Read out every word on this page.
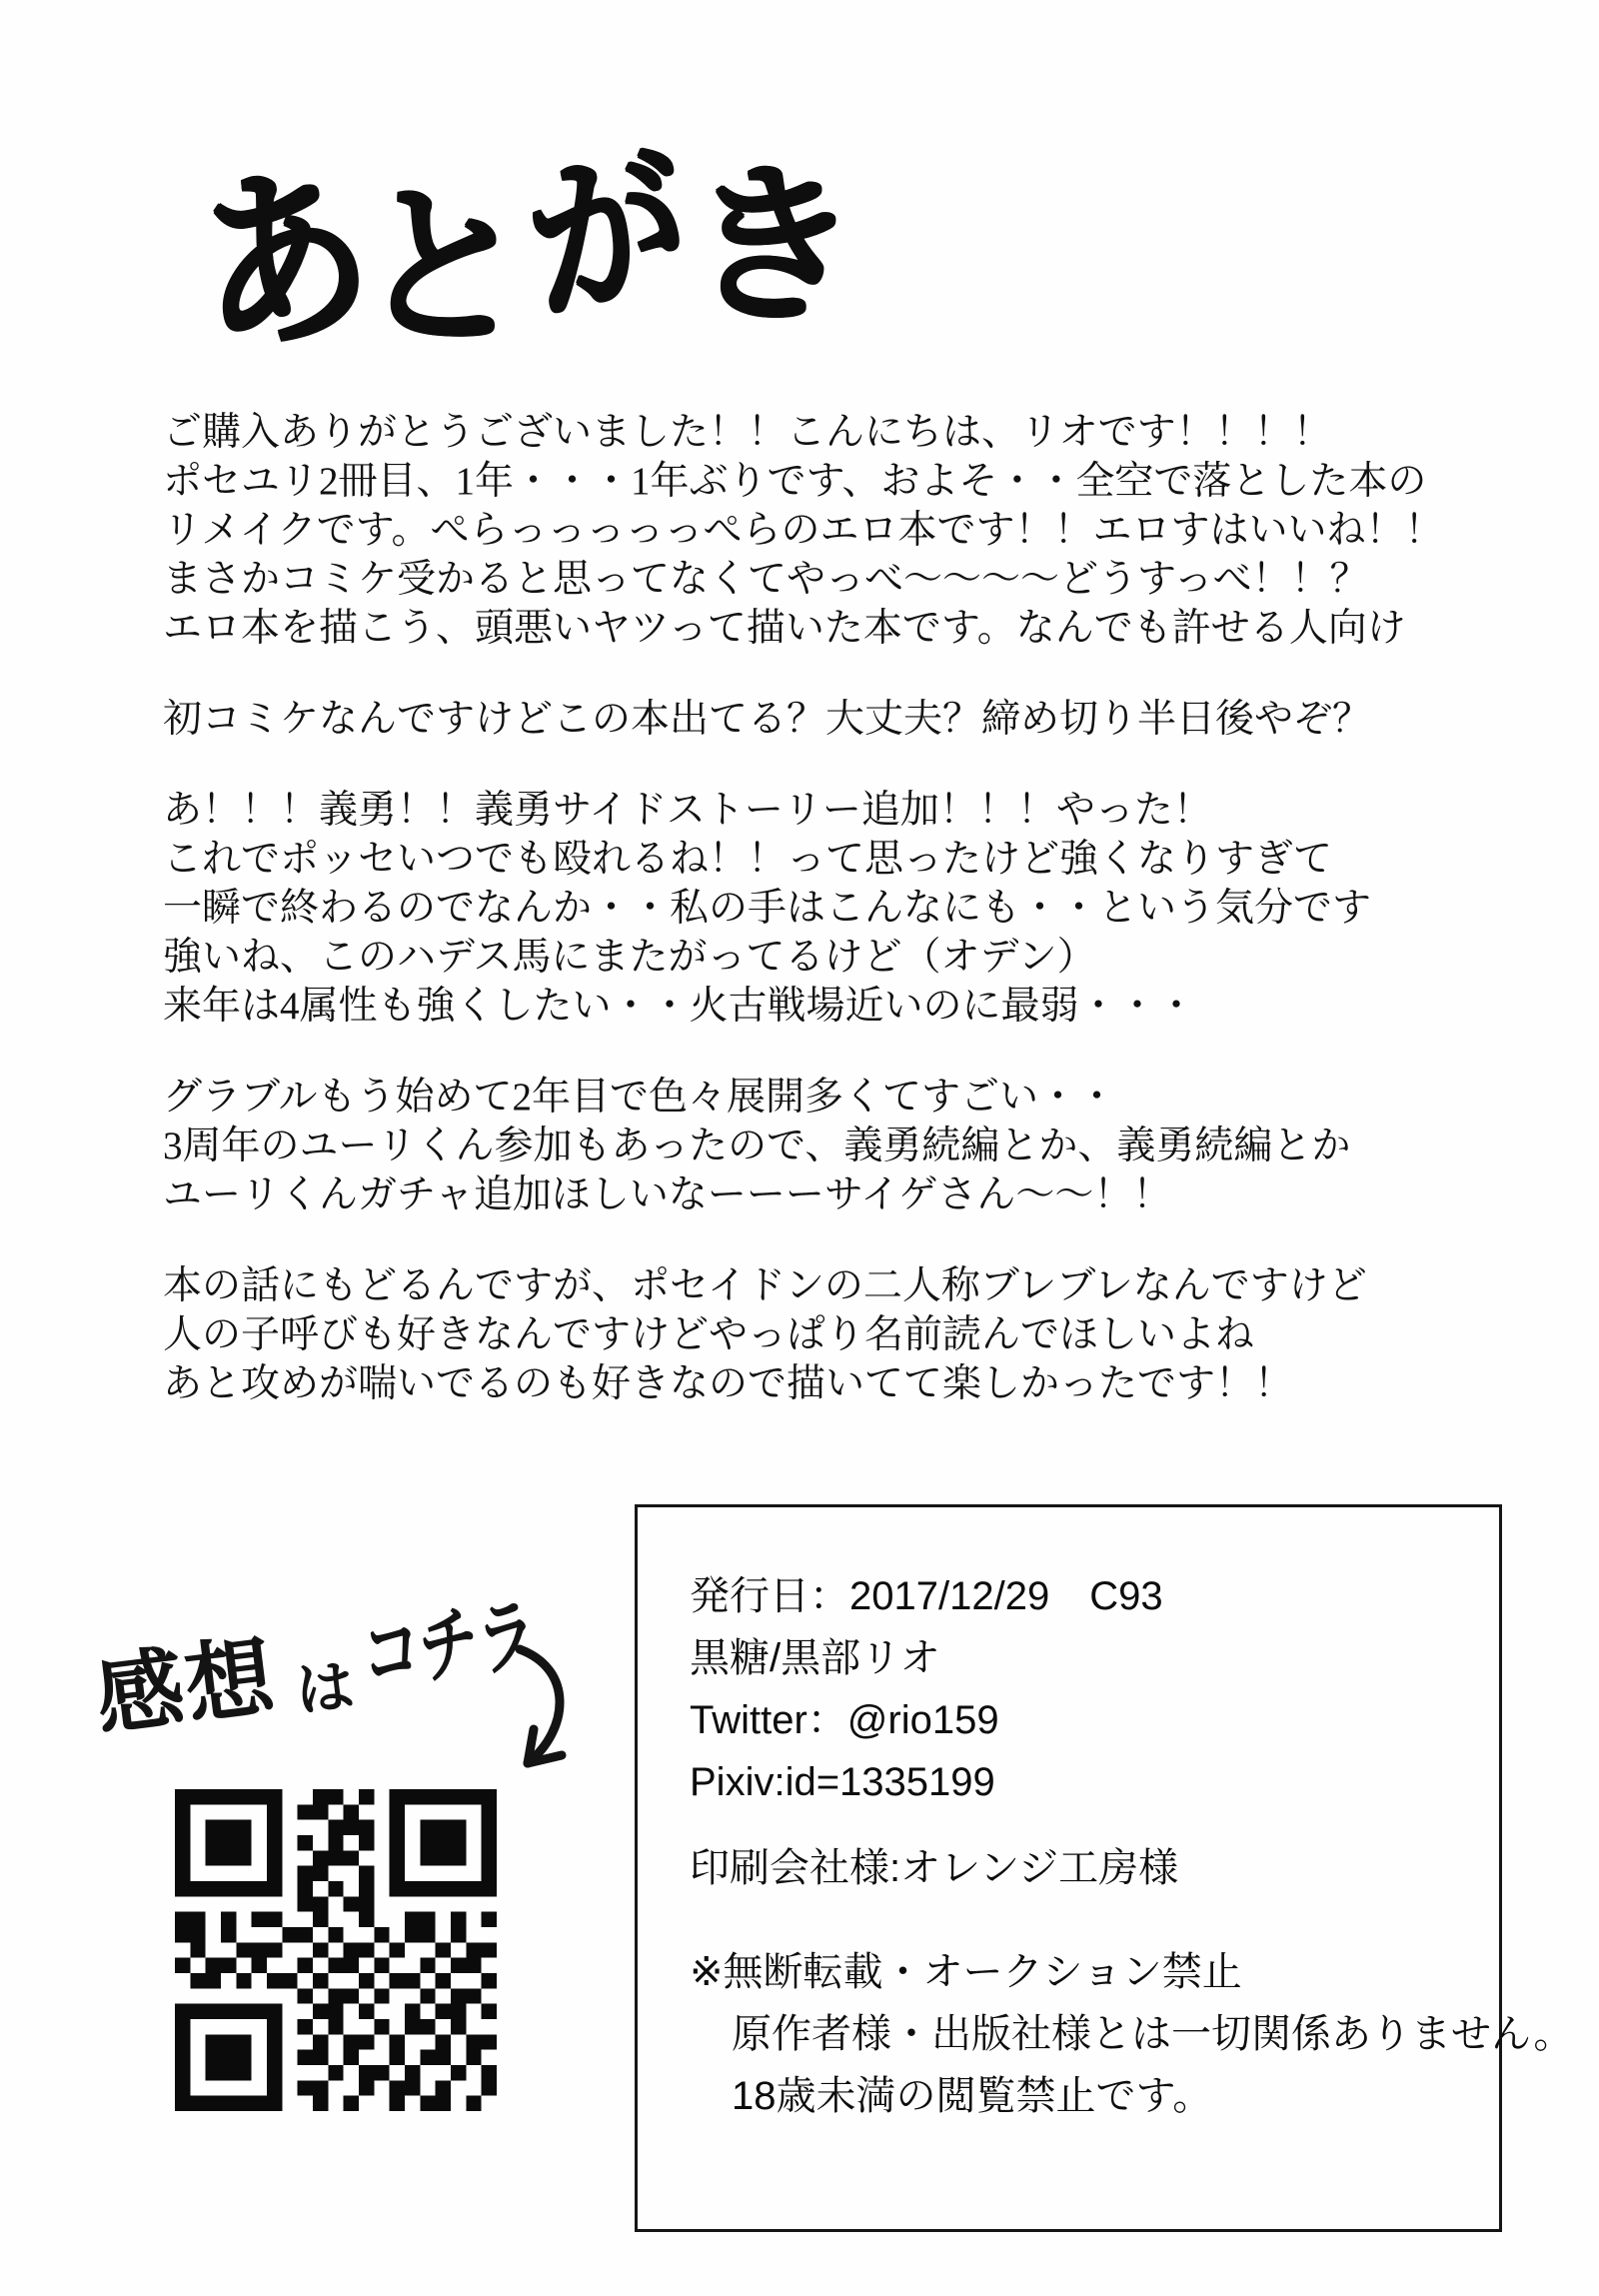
あとがき
ご購入ありがとうございました！！こんにちは、リオです！！！！
ポセユリ2冊目、1年・・・1年ぶりです、およそ・・全空で落とした本の
リメイクです。ぺらっっっっっぺらのエロ本です！！エロすはいいね！！
まさかコミケ受かると思ってなくてやっべ～～～～どうすっべ！！？
エロ本を描こう、頭悪いヤツって描いた本です。なんでも許せる人向け
初コミケなんですけどこの本出てる？大丈夫？締め切り半日後やぞ？
あ！！！義勇！！義勇サイドストーリー追加！！！やった！
これでポッセいつでも殴れるね！！って思ったけど強くなりすぎて
一瞬で終わるのでなんか・・私の手はこんなにも・・という気分です
強いね、このハデス馬にまたがってるけど（オデン）
来年は4属性も強くしたい・・火古戦場近いのに最弱・・・
グラブルもう始めて2年目で色々展開多くてすごい・・
3周年のユーリくん参加もあったので、義勇続編とか、義勇続編とか
ユーリくんガチャ追加ほしいなーーーサイゲさん～～！！
本の話にもどるんですが、ポセイドンの二人称ブレブレなんですけど
人の子呼びも好きなんですけどやっぱり名前読んでほしいよね
あと攻めが喘いでるのも好きなので描いてて楽しかったです！！
感想 は コチラ	発行日：2017/12/29　C93
黒糖/黒部リオ
Twitter：@rio159
Pixiv:id=1335199
印刷会社様:オレンジ工房様
※無断転載・オークション禁止
原作者様・出版社様とは一切関係ありません。
18歳未満の閲覧禁止です。
